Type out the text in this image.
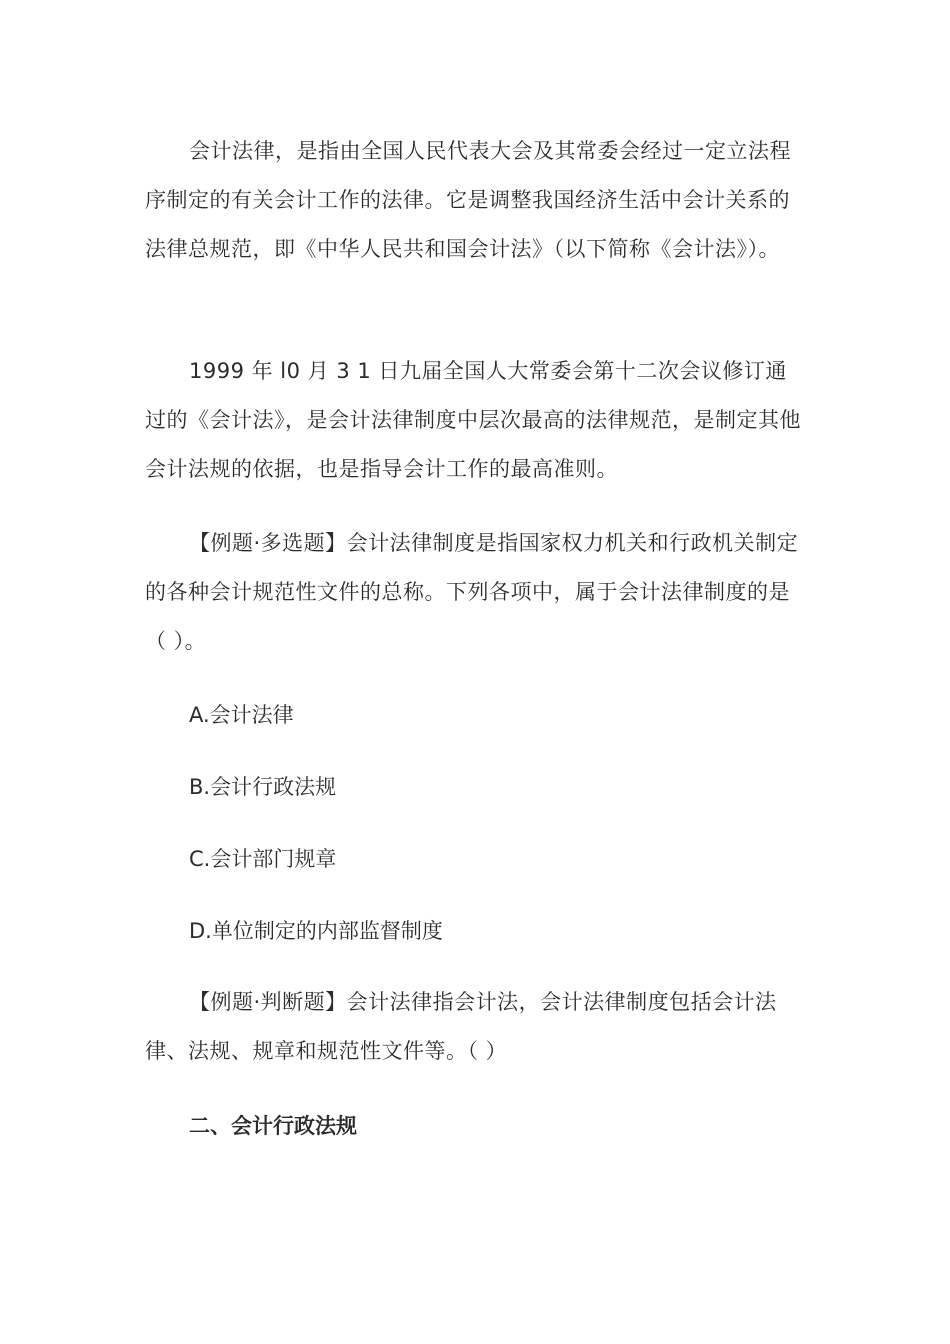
会计法律，是指由全国人民代表大会及其常委会经过一定立法程序制定的有关会计工作的法律。它是调整我国经济生活中会计关系的法律总规范，即《中华人民共和国会计法》（以下简称《会计法》）。

1999 年 l0 月 3 1 日九届全国人大常委会第十二次会议修订通过的《会计法》，是会计法律制度中层次最高的法律规范，是制定其他会计法规的依据，也是指导会计工作的最高准则。

【例题·多选题】会计法律制度是指国家权力机关和行政机关制定的各种会计规范性文件的总称。下列各项中，属于会计法律制度的是（ ）。

A.会计法律

B.会计行政法规

C.会计部门规章

D.单位制定的内部监督制度

【例题·判断题】会计法律指会计法，会计法律制度包括会计法律、法规、规章和规范性文件等。（ ）

二、会计行政法规
